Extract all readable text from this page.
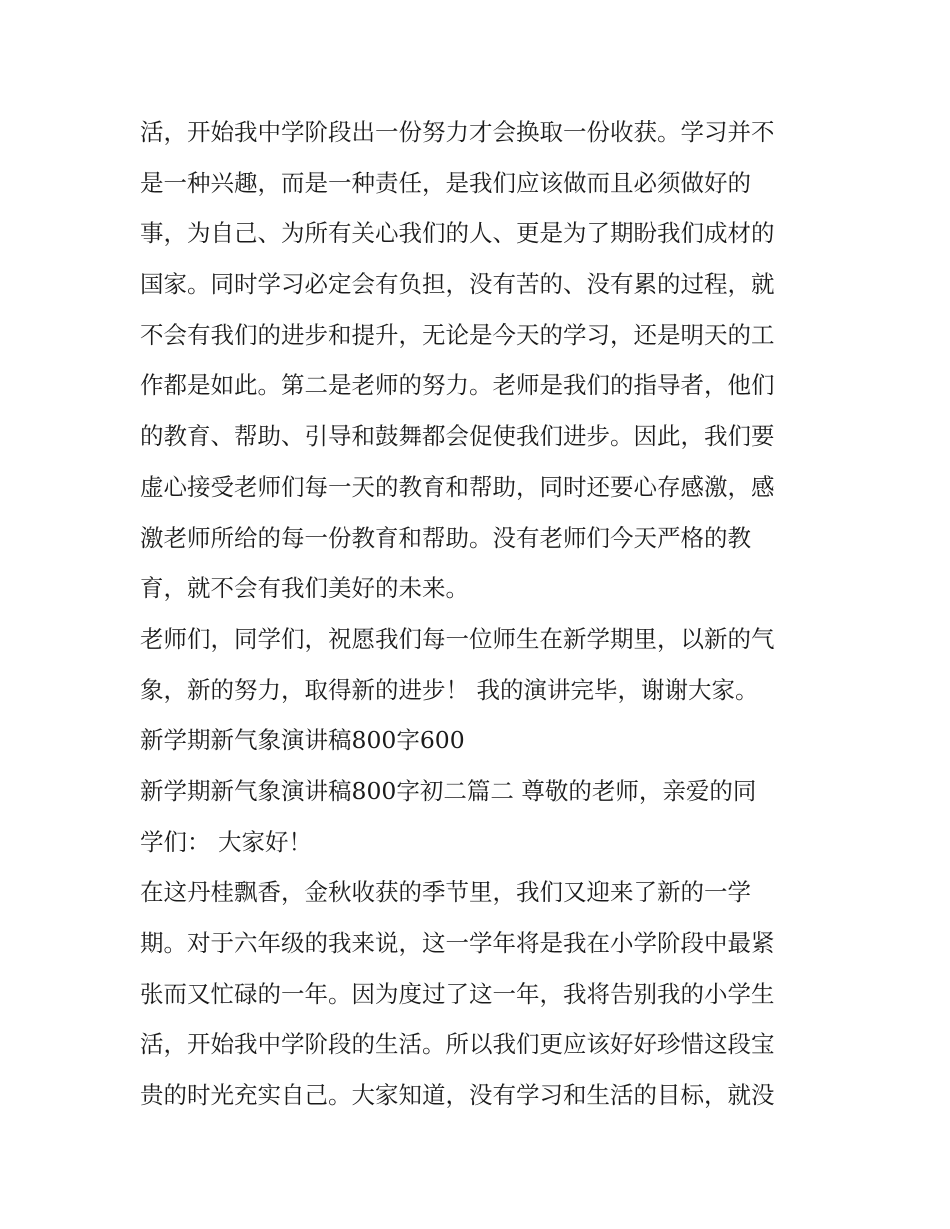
活，开始我中学阶段出一份努力才会换取一份收获。学习并不
是一种兴趣，而是一种责任，是我们应该做而且必须做好的
事，为自己、为所有关心我们的人、更是为了期盼我们成材的
国家。同时学习必定会有负担，没有苦的、没有累的过程，就
不会有我们的进步和提升，无论是今天的学习，还是明天的工
作都是如此。第二是老师的努力。老师是我们的指导者，他们
的教育、帮助、引导和鼓舞都会促使我们进步。因此，我们要
虚心接受老师们每一天的教育和帮助，同时还要心存感激，感
激老师所给的每一份教育和帮助。没有老师们今天严格的教
育，就不会有我们美好的未来。
老师们，同学们，祝愿我们每一位师生在新学期里，以新的气
象，新的努力，取得新的进步！ 我的演讲完毕，谢谢大家。
新学期新气象演讲稿800字600
新学期新气象演讲稿800字初二篇二 尊敬的老师，亲爱的同
学们： 大家好！
在这丹桂飘香，金秋收获的季节里，我们又迎来了新的一学
期。对于六年级的我来说，这一学年将是我在小学阶段中最紧
张而又忙碌的一年。因为度过了这一年，我将告别我的小学生
活，开始我中学阶段的生活。所以我们更应该好好珍惜这段宝
贵的时光充实自己。大家知道，没有学习和生活的目标，就没
